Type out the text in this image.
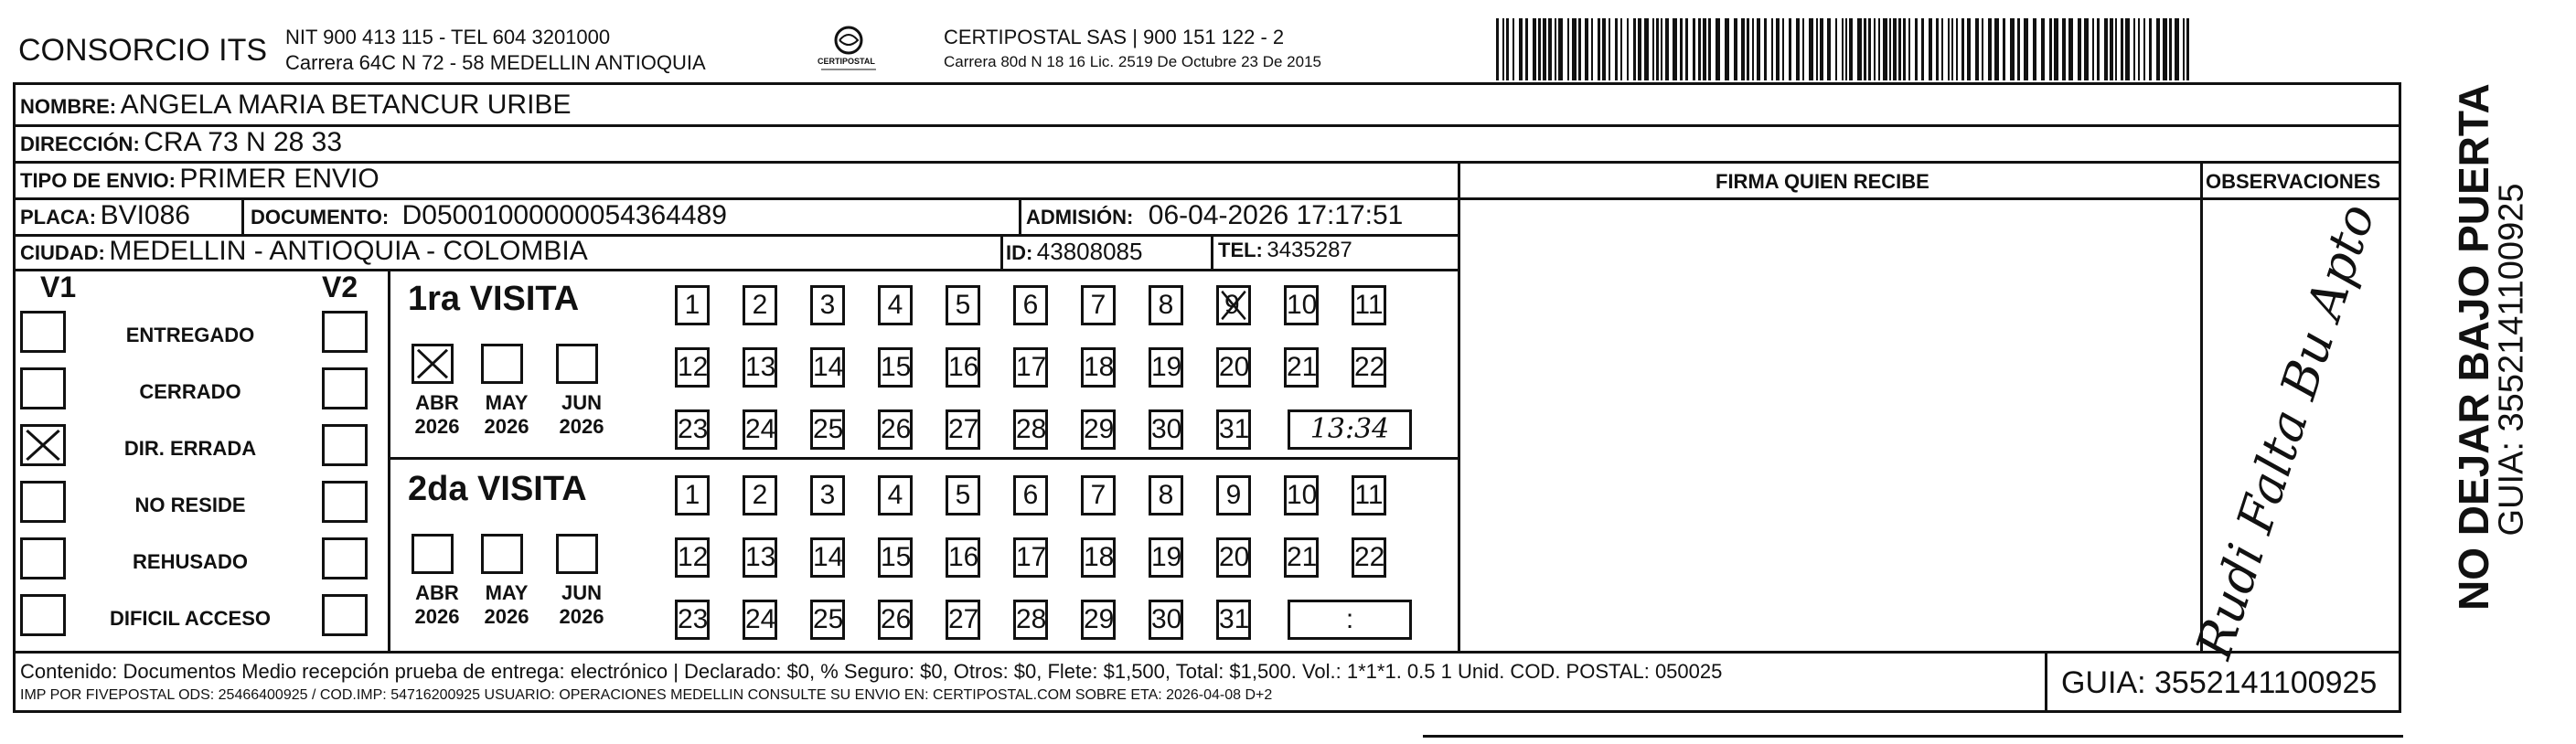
CONSORCIO ITS NIT 900 413 115 - TEL 604 3201000
Carrera 64C N 72 - 58 MEDELLIN ANTIOQUIA	CERTIPOSTAL
CERTIPOSTAL SAS | 900 151 122 - 2
Carrera 80d N 18 16 Lic. 2519 De Octubre 23 De 2015
NOMBRE: ANGELA MARIA BETANCUR URIBE
DIRECCIÓN: CRA 73 N 28 33
TIPO DE ENVIO: PRIMER ENVIO	FIRMA QUIEN RECIBE	OBSERVACIONES
PLACA: BVI086	DOCUMENTO: D05001000000054364489	ADMISIÓN: 06-04-2026 17:17:51
CIUDAD: MEDELLIN - ANTIOQUIA - COLOMBIA	ID: 43808085	TEL: 3435287
V1	V2
ENTREGADO
CERRADO
DIR. ERRADA
NO RESIDE
REHUSADO
DIFICIL ACCESO
1ra VISITA
ABR
2026
MAY
2026
JUN
2026
1	2	3	4	5	6	7	8	9 10 11
12 13 14 15 16 17 18 19 20 21 22
23 24 25 26 27 28 29 30 31	13:34
2da VISITA
ABR
2026
MAY
2026
JUN
2026
1	2	3	4	5	6	7	8	9	10 11
12 13 14 15 16 17 18 19 20 21 22
23 24 25 26 27 28 29 30 31	:	Rudi Falta Bu Apto NO DEJAR BAJO PUERTA
GUIA: 3552141100925
Contenido: Documentos Medio recepción prueba de entrega: electrónico | Declarado: $0, % Seguro: $0, Otros: $0, Flete: $1,500, Total: $1,500. Vol.: 1*1*1. 0.5 1 Unid. COD. POSTAL: 050025
IMP POR FIVEPOSTAL ODS: 25466400925 / COD.IMP: 54716200925 USUARIO: OPERACIONES MEDELLIN CONSULTE SU ENVIO EN: CERTIPOSTAL.COM SOBRE ETA: 2026-04-08 D+2	GUIA: 3552141100925
